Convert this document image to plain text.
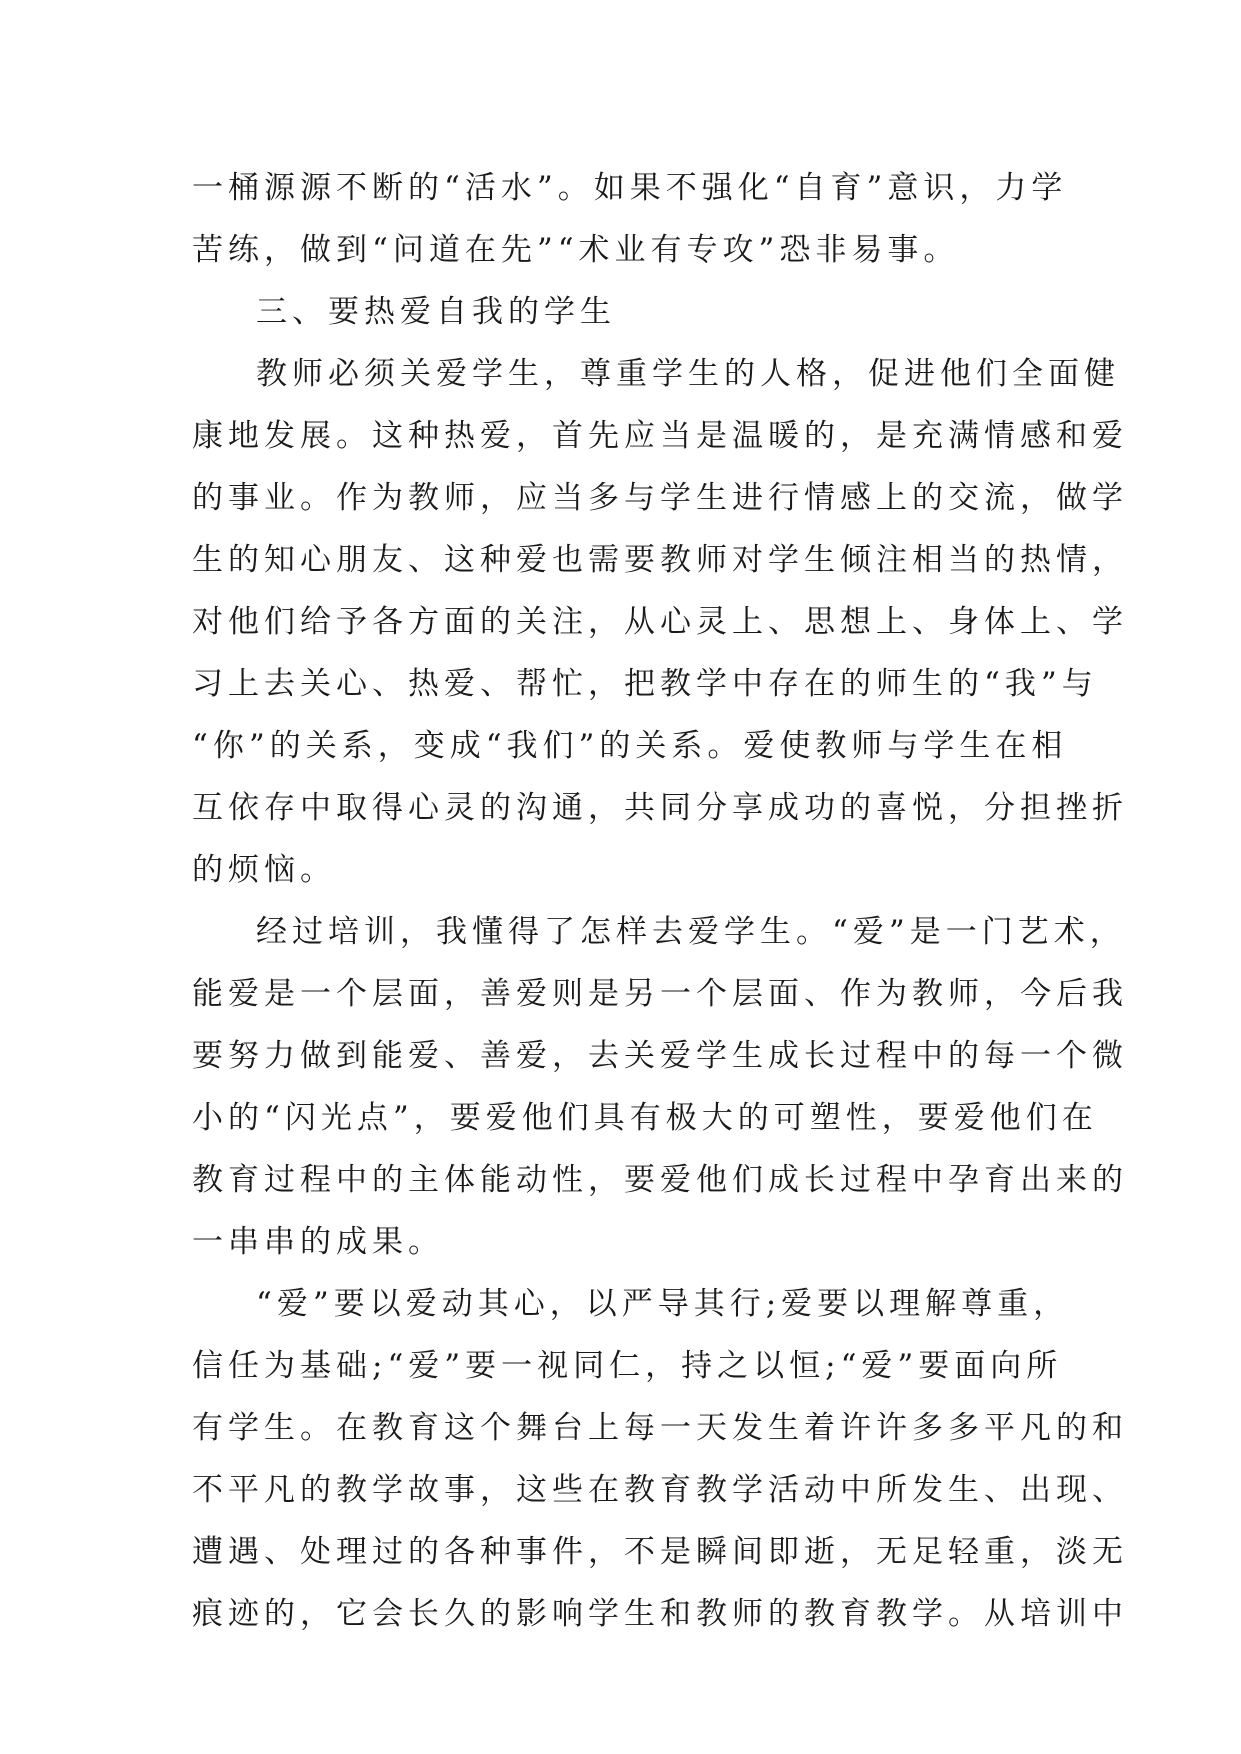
一桶源源不断的“活水”。如果不强化“自育”意识，力学
苦练，做到“问道在先”“术业有专攻”恐非易事。
三、要热爱自我的学生
教师必须关爱学生，尊重学生的人格，促进他们全面健
康地发展。这种热爱，首先应当是温暖的，是充满情感和爱
的事业。作为教师，应当多与学生进行情感上的交流，做学
生的知心朋友、这种爱也需要教师对学生倾注相当的热情，
对他们给予各方面的关注，从心灵上、思想上、身体上、学
习上去关心、热爱、帮忙，把教学中存在的师生的“我”与
“你”的关系，变成“我们”的关系。爱使教师与学生在相
互依存中取得心灵的沟通，共同分享成功的喜悦，分担挫折
的烦恼。
经过培训，我懂得了怎样去爱学生。“爱”是一门艺术，
能爱是一个层面，善爱则是另一个层面、作为教师，今后我
要努力做到能爱、善爱，去关爱学生成长过程中的每一个微
小的“闪光点”，要爱他们具有极大的可塑性，要爱他们在
教育过程中的主体能动性，要爱他们成长过程中孕育出来的
一串串的成果。
“爱”要以爱动其心，以严导其行;爱要以理解尊重，
信任为基础;“爱”要一视同仁，持之以恒;“爱”要面向所
有学生。在教育这个舞台上每一天发生着许许多多平凡的和
不平凡的教学故事，这些在教育教学活动中所发生、出现、
遭遇、处理过的各种事件，不是瞬间即逝，无足轻重，淡无
痕迹的，它会长久的影响学生和教师的教育教学。从培训中
